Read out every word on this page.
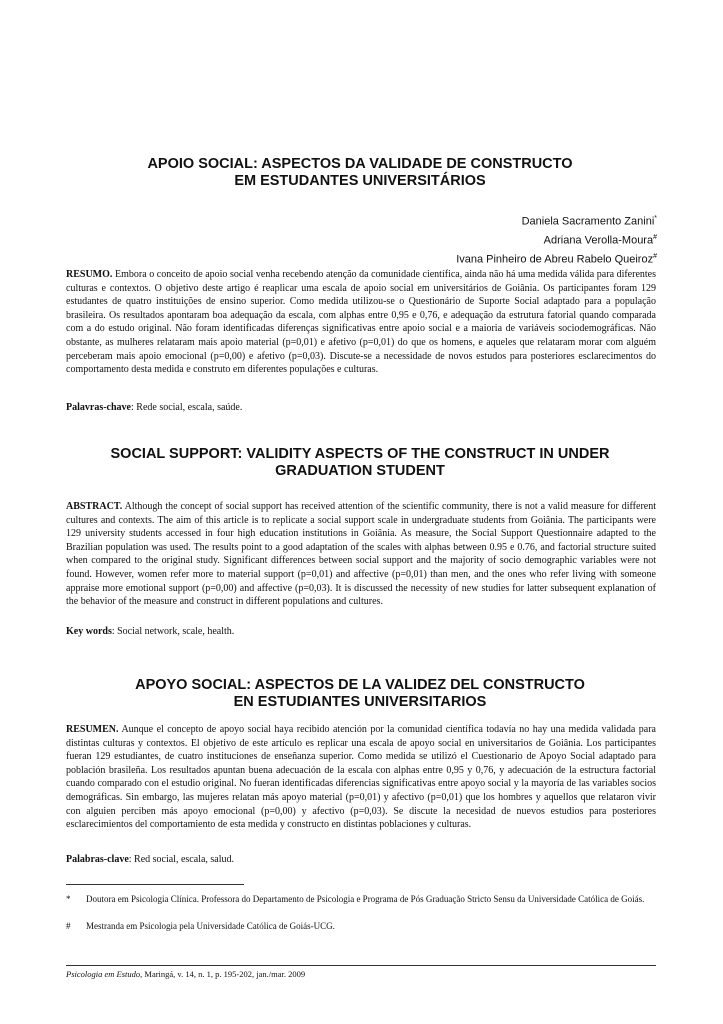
APOIO SOCIAL: ASPECTOS DA VALIDADE DE CONSTRUCTO
EM ESTUDANTES UNIVERSITÁRIOS
Daniela Sacramento Zanini*
Adriana Verolla-Moura#
Ivana Pinheiro de Abreu Rabelo Queiroz#

RESUMO. Embora o conceito de apoio social venha recebendo atenção da comunidade científica, ainda não há uma medida válida para diferentes culturas e contextos. O objetivo deste artigo é reaplicar uma escala de apoio social em universitários de Goiânia. Os participantes foram 129 estudantes de quatro instituições de ensino superior. Como medida utilizou-se o Questionário de Suporte Social adaptado para a população brasileira. Os resultados apontaram boa adequação da escala, com alphas entre 0,95 e 0,76, e adequação da estrutura fatorial quando comparada com a do estudo original. Não foram identificadas diferenças significativas entre apoio social e a maioria de variáveis sociodemográficas. Não obstante, as mulheres relataram mais apoio material (p=0,01) e afetivo (p=0,01) do que os homens, e aqueles que relataram morar com alguém perceberam mais apoio emocional (p=0,00) e afetivo (p=0,03). Discute-se a necessidade de novos estudos para posteriores esclarecimentos do comportamento desta medida e construto em diferentes populações e culturas.

Palavras-chave: Rede social, escala, saúde.

SOCIAL SUPPORT: VALIDITY ASPECTS OF THE CONSTRUCT IN UNDER
GRADUATION STUDENT

ABSTRACT. Although the concept of social support has received attention of the scientific community, there is not a valid measure for different cultures and contexts. The aim of this article is to replicate a social support scale in undergraduate students from Goiânia. The participants were 129 university students accessed in four high education institutions in Goiânia. As measure, the Social Support Questionnaire adapted to the Brazilian population was used. The results point to a good adaptation of the scales with alphas between 0.95 e 0.76, and factorial structure suited when compared to the original study. Significant differences between social support and the majority of socio demographic variables were not found. However, women refer more to material support (p=0,01) and affective (p=0,01) than men, and the ones who refer living with someone appraise more emotional support (p=0,00) and affective (p=0,03). It is discussed the necessity of new studies for latter subsequent explanation of the behavior of the measure and construct in different populations and cultures.

Key words: Social network, scale, health.

APOYO SOCIAL: ASPECTOS DE LA VALIDEZ DEL CONSTRUCTO
EN ESTUDIANTES UNIVERSITARIOS

RESUMEN. Aunque el concepto de apoyo social haya recibido atención por la comunidad científica todavía no hay una medida validada para distintas culturas y contextos. El objetivo de este artículo es replicar una escala de apoyo social en universitarios de Goiânia. Los participantes fueran 129 estudiantes, de cuatro instituciones de enseñanza superior. Como medida se utilizó el Cuestionario de Apoyo Social adaptado para población brasileña. Los resultados apuntan buena adecuación de la escala con alphas entre 0,95 y 0,76, y adecuación de la estructura factorial cuando comparado con el estudio original. No fueran identificadas diferencias significativas entre apoyo social y la mayoría de las variables socios demográficas. Sin embargo, las mujeres relatan más apoyo material (p=0,01) y afectivo (p=0,01) que los hombres y aquellos que relataron vivir con alguien perciben más apoyo emocional (p=0,00) y afectivo (p=0,03). Se discute la necesidad de nuevos estudios para posteriores esclarecimientos del comportamiento de esta medida y constructo en distintas poblaciones y culturas.

Palabras-clave: Red social, escala, salud.

*	Doutora em Psicologia Clínica. Professora do Departamento de Psicologia e Programa de Pós Graduação Stricto Sensu da Universidade Católica de Goiás.
#	Mestranda em Psicologia pela Universidade Católica de Goiás-UCG.
Psicologia em Estudo, Maringá, v. 14, n. 1, p. 195-202, jan./mar. 2009
